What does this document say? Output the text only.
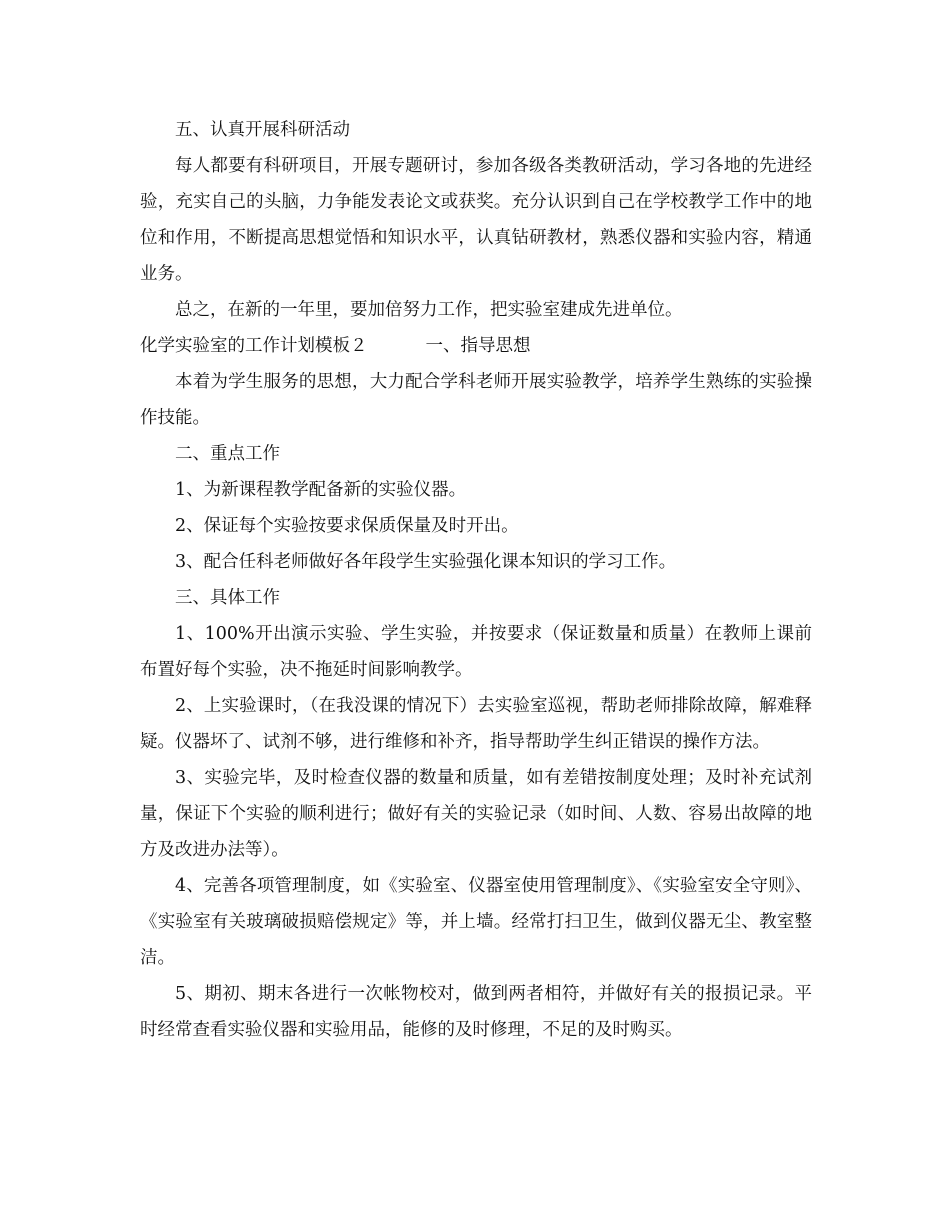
五、认真开展科研活动

每人都要有科研项目，开展专题研讨，参加各级各类教研活动，学习各地的先进经验，充实自己的头脑，力争能发表论文或获奖。充分认识到自己在学校教学工作中的地位和作用，不断提高思想觉悟和知识水平，认真钻研教材，熟悉仪器和实验内容，精通业务。

总之，在新的一年里，要加倍努力工作，把实验室建成先进单位。

化学实验室的工作计划模板２	一、指导思想

本着为学生服务的思想，大力配合学科老师开展实验教学，培养学生熟练的实验操作技能。

二、重点工作

1、为新课程教学配备新的实验仪器。

2、保证每个实验按要求保质保量及时开出。

3、配合任科老师做好各年段学生实验强化课本知识的学习工作。

三、具体工作

1、100%开出演示实验、学生实验，并按要求（保证数量和质量）在教师上课前布置好每个实验，决不拖延时间影响教学。

2、上实验课时，（在我没课的情况下）去实验室巡视，帮助老师排除故障，解难释疑。仪器坏了、试剂不够，进行维修和补齐，指导帮助学生纠正错误的操作方法。

3、实验完毕，及时检查仪器的数量和质量，如有差错按制度处理；及时补充试剂量，保证下个实验的顺利进行；做好有关的实验记录（如时间、人数、容易出故障的地方及改进办法等）。

4、完善各项管理制度，如《实验室、仪器室使用管理制度》、《实验室安全守则》、《实验室有关玻璃破损赔偿规定》等，并上墙。经常打扫卫生，做到仪器无尘、教室整洁。

5、期初、期末各进行一次帐物校对，做到两者相符，并做好有关的报损记录。平时经常查看实验仪器和实验用品，能修的及时修理，不足的及时购买。
